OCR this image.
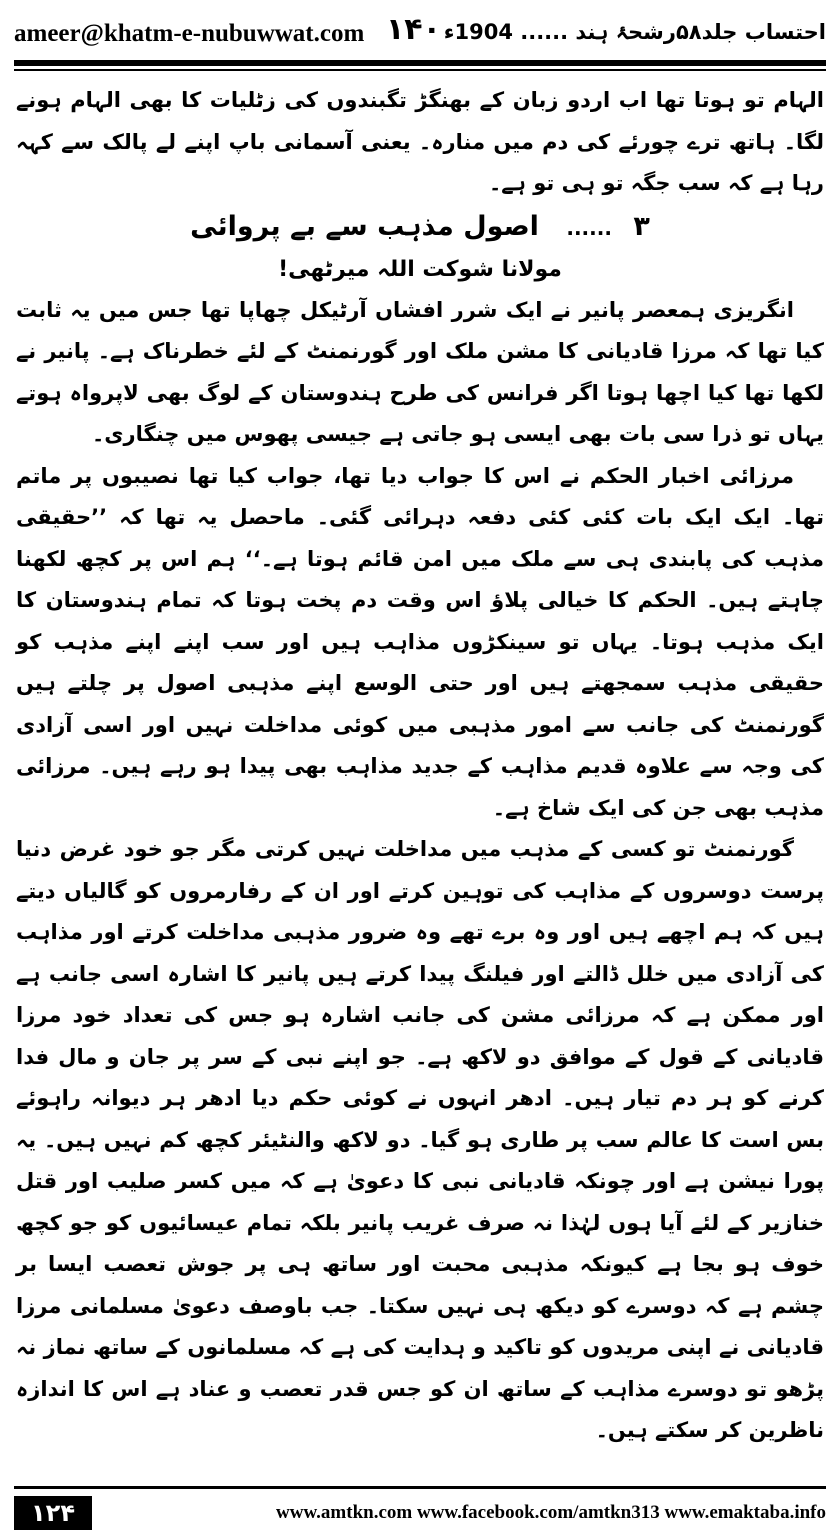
ameer@khatm-e-nubuwwat.com ۱۴۰ احتساب جلد۵۸رشحۂ ہند ...... 1904ء

الہام تو ہوتا تھا اب اردو زبان کے بھنگڑ تگبندوں کی زٹلیات کا بھی الہام ہونے لگا۔ ہاتھ ترے چورئے کی دم میں منارہ۔ یعنی آسمانی باپ اپنے لے پالک سے کہہ رہا ہے کہ سب جگہ تو ہی تو ہے۔

۳ ...... اصول مذہب سے بے پروائی

مولانا شوکت اللہ میرٹھی!

انگریزی ہمعصر پانیر نے ایک شرر افشاں آرٹیکل چھاپا تھا جس میں یہ ثابت کیا تھا کہ مرزا قادیانی کا مشن ملک اور گورنمنٹ کے لئے خطرناک ہے۔ پانیر نے لکھا تھا کیا اچھا ہوتا اگر فرانس کی طرح ہندوستان کے لوگ بھی لاپرواہ ہوتے یہاں تو ذرا سی بات بھی ایسی ہو جاتی ہے جیسی پھوس میں چنگاری۔

مرزائی اخبار الحکم نے اس کا جواب دیا تھا، جواب کیا تھا نصیبوں پر ماتم تھا۔ ایک ایک بات کئی کئی دفعہ دہرائی گئی۔ ماحصل یہ تھا کہ ’’حقیقی مذہب کی پابندی ہی سے ملک میں امن قائم ہوتا ہے۔‘‘ ہم اس پر کچھ لکھنا چاہتے ہیں۔ الحکم کا خیالی پلاؤ اس وقت دم پخت ہوتا کہ تمام ہندوستان کا ایک مذہب ہوتا۔ یہاں تو سینکڑوں مذاہب ہیں اور سب اپنے اپنے مذہب کو حقیقی مذہب سمجھتے ہیں اور حتی الوسع اپنے مذہبی اصول پر چلتے ہیں گورنمنٹ کی جانب سے امور مذہبی میں کوئی مداخلت نہیں اور اسی آزادی کی وجہ سے علاوہ قدیم مذاہب کے جدید مذاہب بھی پیدا ہو رہے ہیں۔ مرزائی مذہب بھی جن کی ایک شاخ ہے۔

گورنمنٹ تو کسی کے مذہب میں مداخلت نہیں کرتی مگر جو خود غرض دنیا پرست دوسروں کے مذاہب کی توہین کرتے اور ان کے رفارمروں کو گالیاں دیتے ہیں کہ ہم اچھے ہیں اور وہ برے تھے وہ ضرور مذہبی مداخلت کرتے اور مذاہب کی آزادی میں خلل ڈالتے اور فیلنگ پیدا کرتے ہیں پانیر کا اشارہ اسی جانب ہے اور ممکن ہے کہ مرزائی مشن کی جانب اشارہ ہو جس کی تعداد خود مرزا قادیانی کے قول کے موافق دو لاکھ ہے۔ جو اپنے نبی کے سر پر جان و مال فدا کرنے کو ہر دم تیار ہیں۔ ادھر انہوں نے کوئی حکم دیا ادھر ہر دیوانہ راہوئے بس است کا عالم سب پر طاری ہو گیا۔ دو لاکھ والنٹیئر کچھ کم نہیں ہیں۔ یہ پورا نیشن ہے اور چونکہ قادیانی نبی کا دعویٰ ہے کہ میں کسر صلیب اور قتل خنازیر کے لئے آیا ہوں لہٰذا نہ صرف غریب پانیر بلکہ تمام عیسائیوں کو جو کچھ خوف ہو بجا ہے کیونکہ مذہبی محبت اور ساتھ ہی پر جوش تعصب ایسا بر چشم ہے کہ دوسرے کو دیکھ ہی نہیں سکتا۔ جب باوصف دعویٰ مسلمانی مرزا قادیانی نے اپنی مریدوں کو تاکید و ہدایت کی ہے کہ مسلمانوں کے ساتھ نماز نہ پڑھو تو دوسرے مذاہب کے ساتھ ان کو جس قدر تعصب و عناد ہے اس کا اندازہ ناظرین کر سکتے ہیں۔

۱۲۴	www.amtkn.com www.facebook.com/amtkn313 www.emaktaba.info
